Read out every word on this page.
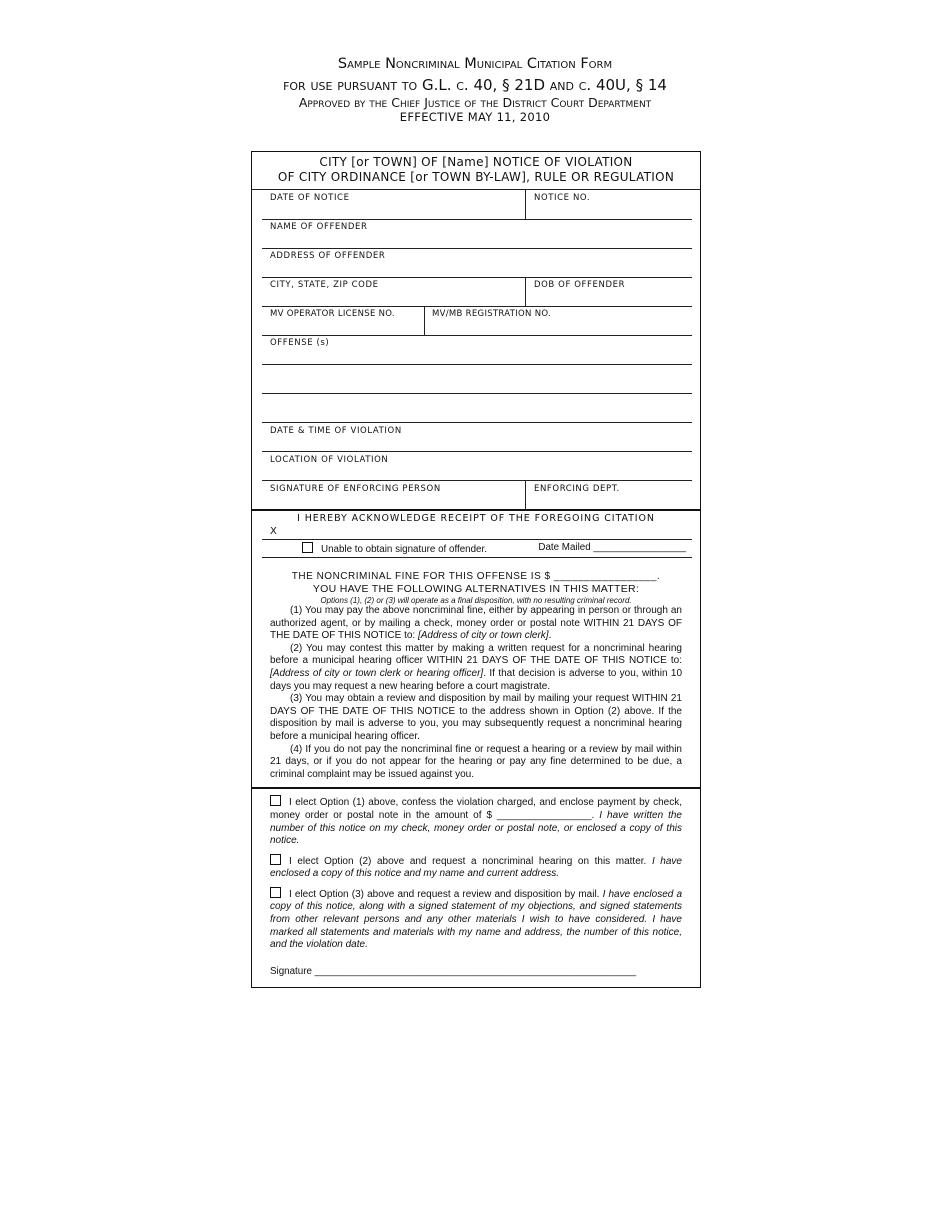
Sample Noncriminal Municipal Citation Form
for use pursuant to G.L. c. 40, § 21D and c. 40U, § 14
Approved by the Chief Justice of the District Court Department
EFFECTIVE MAY 11, 2010
CITY [or TOWN] OF [Name] NOTICE OF VIOLATION
OF CITY ORDINANCE [or TOWN BY-LAW], RULE OR REGULATION
DATE OF NOTICE	NOTICE NO.
NAME OF OFFENDER
ADDRESS OF OFFENDER
CITY, STATE, ZIP CODE	DOB OF OFFENDER
MV OPERATOR LICENSE NO.	MV/MB REGISTRATION NO.
OFFENSE (s)
DATE & TIME OF VIOLATION
LOCATION OF VIOLATION
SIGNATURE OF ENFORCING PERSON	ENFORCING DEPT.
I HEREBY ACKNOWLEDGE RECEIPT OF THE FOREGOING CITATION
X
Unable to obtain signature of offender.	Date Mailed _________________
THE NONCRIMINAL FINE FOR THIS OFFENSE IS $ _________________.
YOU HAVE THE FOLLOWING ALTERNATIVES IN THIS MATTER:
Options (1), (2) or (3) will operate as a final disposition, with no resulting criminal record.
(1) You may pay the above noncriminal fine, either by appearing in person or through an authorized agent, or by mailing a check, money order or postal note WITHIN 21 DAYS OF THE DATE OF THIS NOTICE to: [Address of city or town clerk].
(2) You may contest this matter by making a written request for a noncriminal hearing before a municipal hearing officer WITHIN 21 DAYS OF THE DATE OF THIS NOTICE to: [Address of city or town clerk or hearing officer]. If that decision is adverse to you, within 10 days you may request a new hearing before a court magistrate.
(3) You may obtain a review and disposition by mail by mailing your request WITHIN 21 DAYS OF THE DATE OF THIS NOTICE to the address shown in Option (2) above. If the disposition by mail is adverse to you, you may subsequently request a noncriminal hearing before a municipal hearing officer.
(4) If you do not pay the noncriminal fine or request a hearing or a review by mail within 21 days, or if you do not appear for the hearing or pay any fine determined to be due, a criminal complaint may be issued against you.
I elect Option (1) above, confess the violation charged, and enclose payment by check, money order or postal note in the amount of $ _________________. I have written the number of this notice on my check, money order or postal note, or enclosed a copy of this notice.
I elect Option (2) above and request a noncriminal hearing on this matter. I have enclosed a copy of this notice and my name and current address.
I elect Option (3) above and request a review and disposition by mail. I have enclosed a copy of this notice, along with a signed statement of my objections, and signed statements from other relevant persons and any other materials I wish to have considered. I have marked all statements and materials with my name and address, the number of this notice, and the violation date.
Signature ___________________________________________________________
